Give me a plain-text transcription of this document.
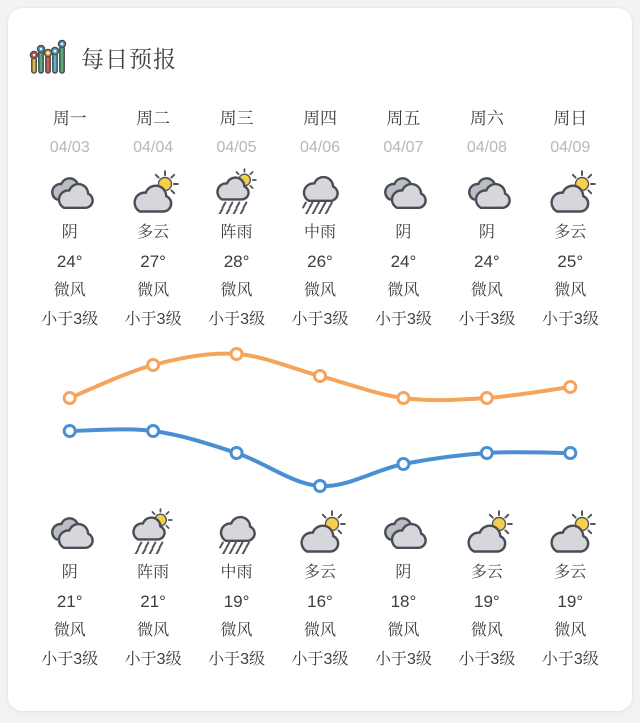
每日预报
周一
04/03
阴
24°
微风
小于3级
周二
04/04
多云
27°
微风
小于3级
周三
04/05
阵雨
28°
微风
小于3级
周四
04/06
中雨
26°
微风
小于3级
周五
04/07
阴
24°
微风
小于3级
周六
04/08
阴
24°
微风
小于3级
周日
04/09
多云
25°
微风
小于3级
阴
21°
微风
小于3级
阵雨
21°
微风
小于3级
中雨
19°
微风
小于3级
多云
16°
微风
小于3级
阴
18°
微风
小于3级
多云
19°
微风
小于3级
多云
19°
微风
小于3级
